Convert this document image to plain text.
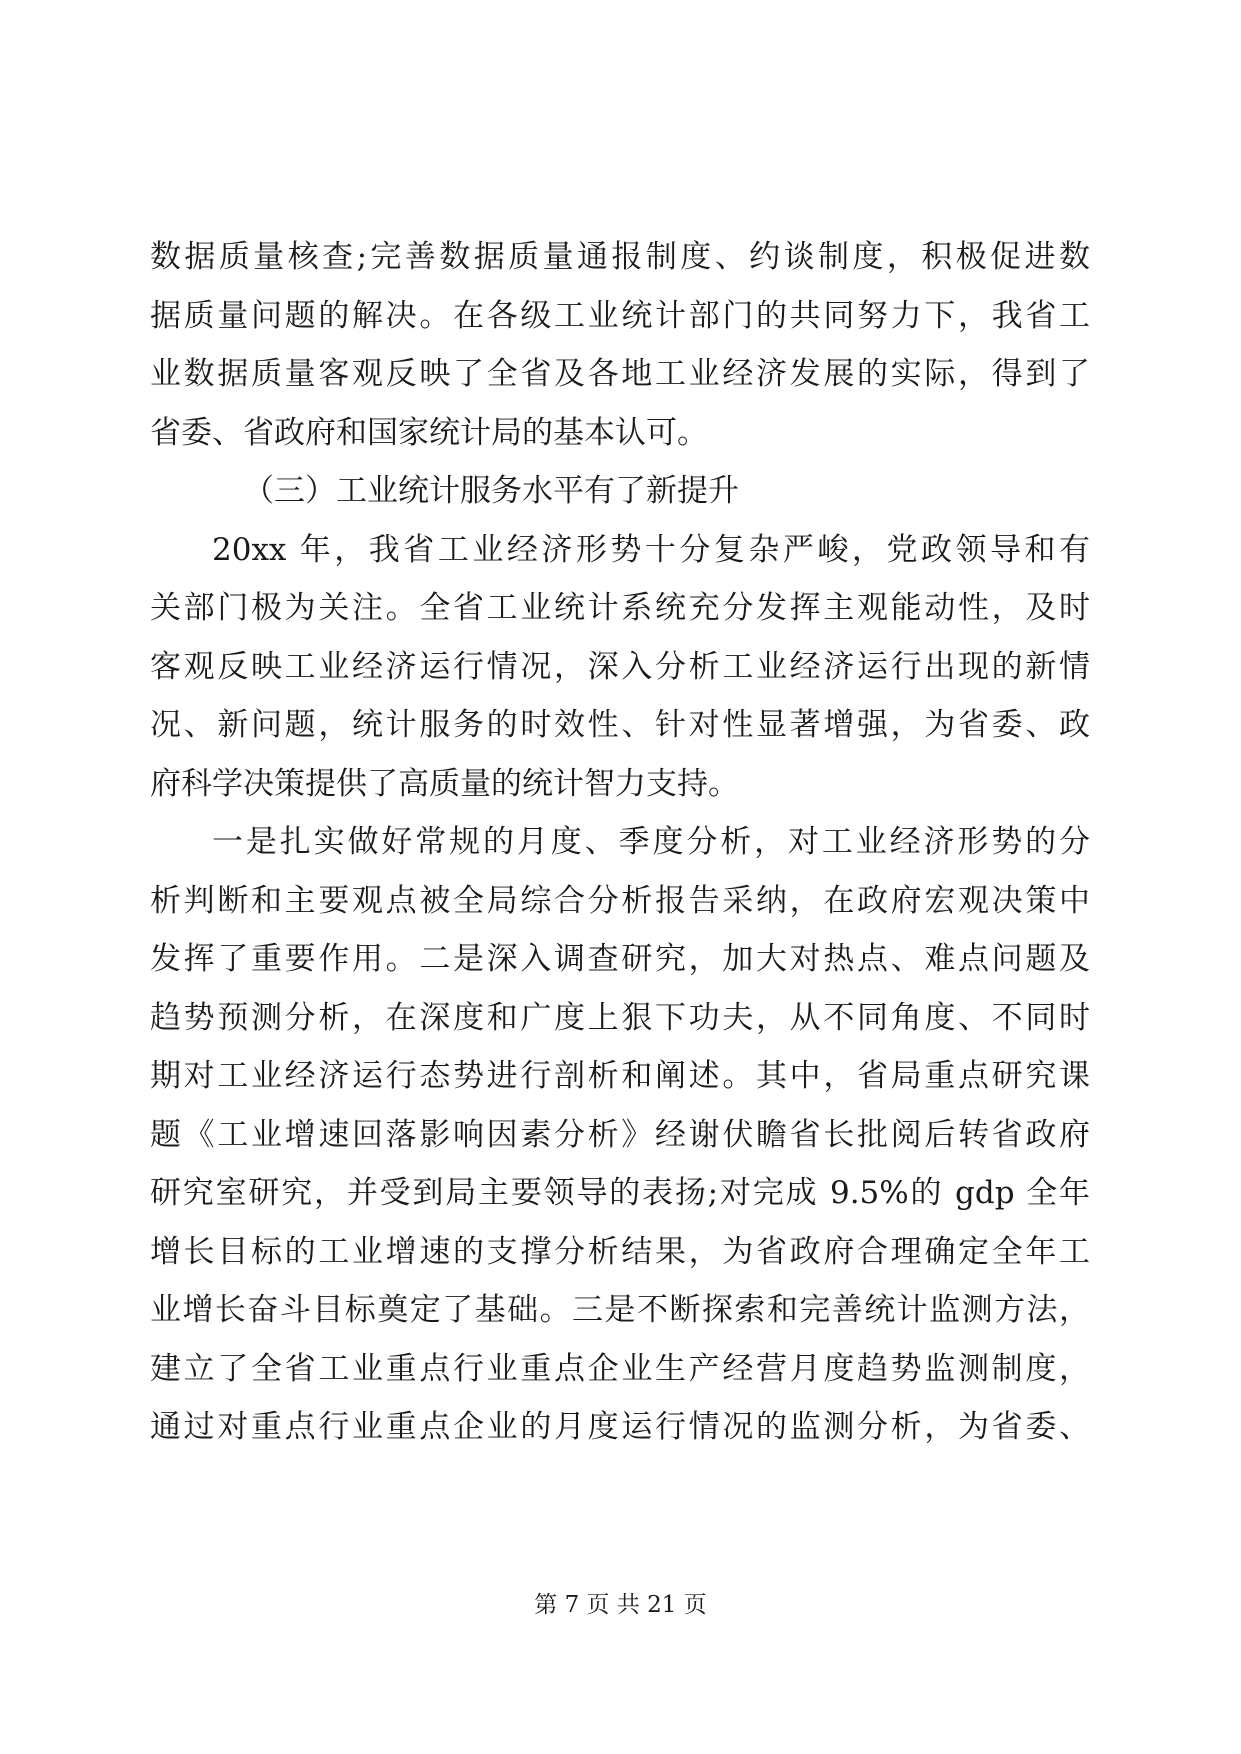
数据质量核查;完善数据质量通报制度、约谈制度，积极促进数
据质量问题的解决。在各级工业统计部门的共同努力下，我省工
业数据质量客观反映了全省及各地工业经济发展的实际，得到了
省委、省政府和国家统计局的基本认可。
（三）工业统计服务水平有了新提升
20xx 年，我省工业经济形势十分复杂严峻，党政领导和有
关部门极为关注。全省工业统计系统充分发挥主观能动性，及时
客观反映工业经济运行情况，深入分析工业经济运行出现的新情
况、新问题，统计服务的时效性、针对性显著增强，为省委、政
府科学决策提供了高质量的统计智力支持。
一是扎实做好常规的月度、季度分析，对工业经济形势的分
析判断和主要观点被全局综合分析报告采纳，在政府宏观决策中
发挥了重要作用。二是深入调查研究，加大对热点、难点问题及
趋势预测分析，在深度和广度上狠下功夫，从不同角度、不同时
期对工业经济运行态势进行剖析和阐述。其中，省局重点研究课
题《工业增速回落影响因素分析》经谢伏瞻省长批阅后转省政府
研究室研究，并受到局主要领导的表扬;对完成 9.5%的 gdp 全年
增长目标的工业增速的支撑分析结果，为省政府合理确定全年工
业增长奋斗目标奠定了基础。三是不断探索和完善统计监测方法，
建立了全省工业重点行业重点企业生产经营月度趋势监测制度，
通过对重点行业重点企业的月度运行情况的监测分析，为省委、
第 7 页 共 21 页
